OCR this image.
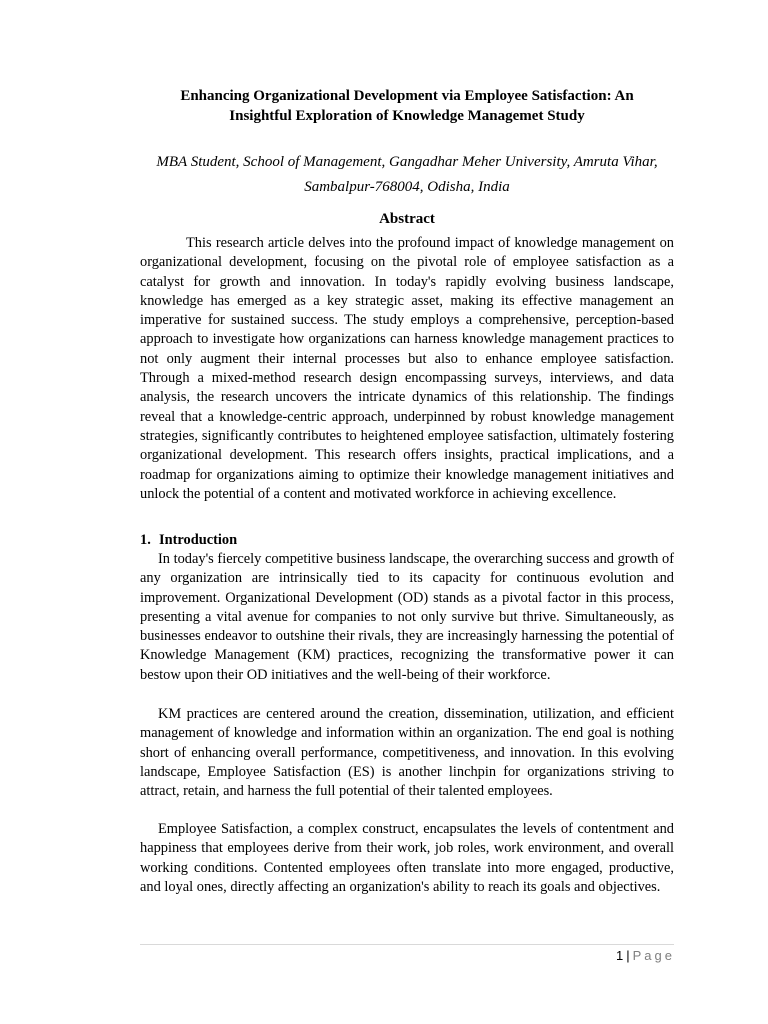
Enhancing Organizational Development via Employee Satisfaction: An
Insightful Exploration of Knowledge Managemet Study
MBA Student, School of Management, Gangadhar Meher University, Amruta Vihar,
Sambalpur-768004, Odisha, India
Abstract

This research article delves into the profound impact of knowledge management on organizational development, focusing on the pivotal role of employee satisfaction as a catalyst for growth and innovation. In today's rapidly evolving business landscape, knowledge has emerged as a key strategic asset, making its effective management an imperative for sustained success. The study employs a comprehensive, perception-based approach to investigate how organizations can harness knowledge management practices to not only augment their internal processes but also to enhance employee satisfaction. Through a mixed-method research design encompassing surveys, interviews, and data analysis, the research uncovers the intricate dynamics of this relationship. The findings reveal that a knowledge-centric approach, underpinned by robust knowledge management strategies, significantly contributes to heightened employee satisfaction, ultimately fostering organizational development. This research offers insights, practical implications, and a roadmap for organizations aiming to optimize their knowledge management initiatives and unlock the potential of a content and motivated workforce in achieving excellence.

1. Introduction

In today's fiercely competitive business landscape, the overarching success and growth of any organization are intrinsically tied to its capacity for continuous evolution and improvement. Organizational Development (OD) stands as a pivotal factor in this process, presenting a vital avenue for companies to not only survive but thrive. Simultaneously, as businesses endeavor to outshine their rivals, they are increasingly harnessing the potential of Knowledge Management (KM) practices, recognizing the transformative power it can bestow upon their OD initiatives and the well-being of their workforce.

KM practices are centered around the creation, dissemination, utilization, and efficient management of knowledge and information within an organization. The end goal is nothing short of enhancing overall performance, competitiveness, and innovation. In this evolving landscape, Employee Satisfaction (ES) is another linchpin for organizations striving to attract, retain, and harness the full potential of their talented employees.

Employee Satisfaction, a complex construct, encapsulates the levels of contentment and happiness that employees derive from their work, job roles, work environment, and overall working conditions. Contented employees often translate into more engaged, productive, and loyal ones, directly affecting an organization's ability to reach its goals and objectives.

1 | Page
